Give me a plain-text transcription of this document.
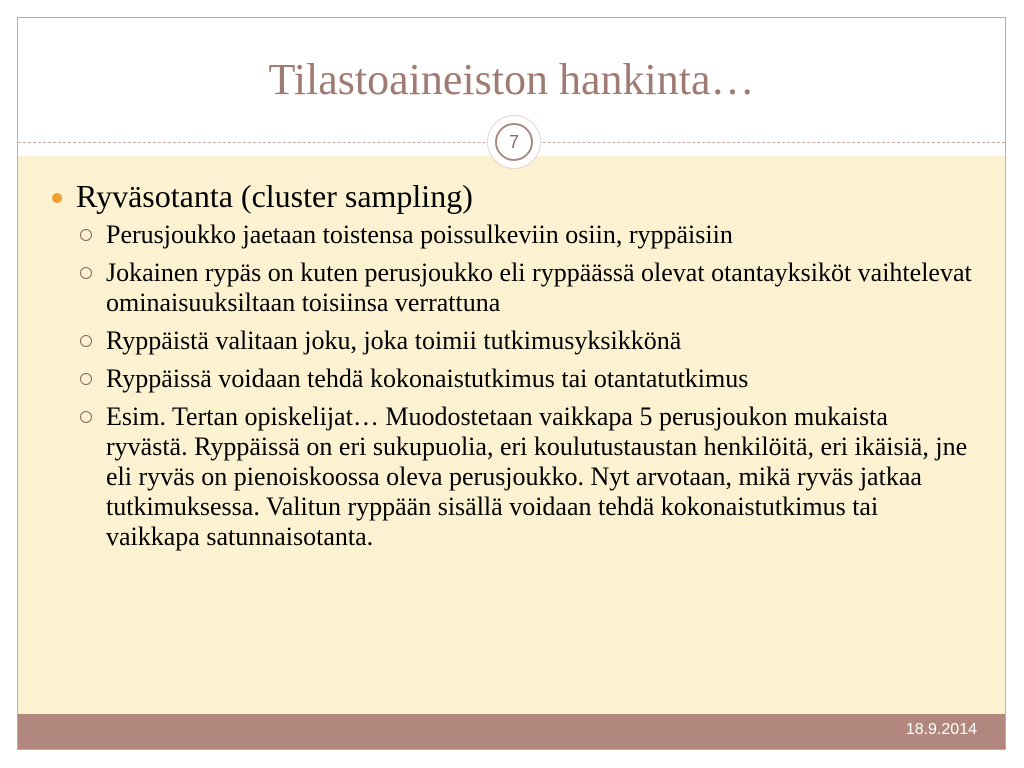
Tilastoaineiston hankinta…
7
18.9.2014
Ryväsotanta (cluster sampling)
Perusjoukko jaetaan toistensa poissulkeviin osiin, ryppäisiin
Jokainen rypäs on kuten perusjoukko eli ryppäässä olevat otantayksiköt vaihtelevat ominaisuuksiltaan toisiinsa verrattuna
Ryppäistä valitaan joku, joka toimii tutkimusyksikkönä
Ryppäissä voidaan tehdä kokonaistutkimus tai otantatutkimus
Esim. Tertan opiskelijat… Muodostetaan vaikkapa 5 perusjoukon mukaista ryvästä. Ryppäissä on eri sukupuolia, eri koulutustaustan henkilöitä, eri ikäisiä, jne eli ryväs on pienoiskoossa oleva perusjoukko. Nyt arvotaan, mikä ryväs jatkaa tutkimuksessa. Valitun ryppään sisällä voidaan tehdä kokonaistutkimus tai vaikkapa satunnaisotanta.
